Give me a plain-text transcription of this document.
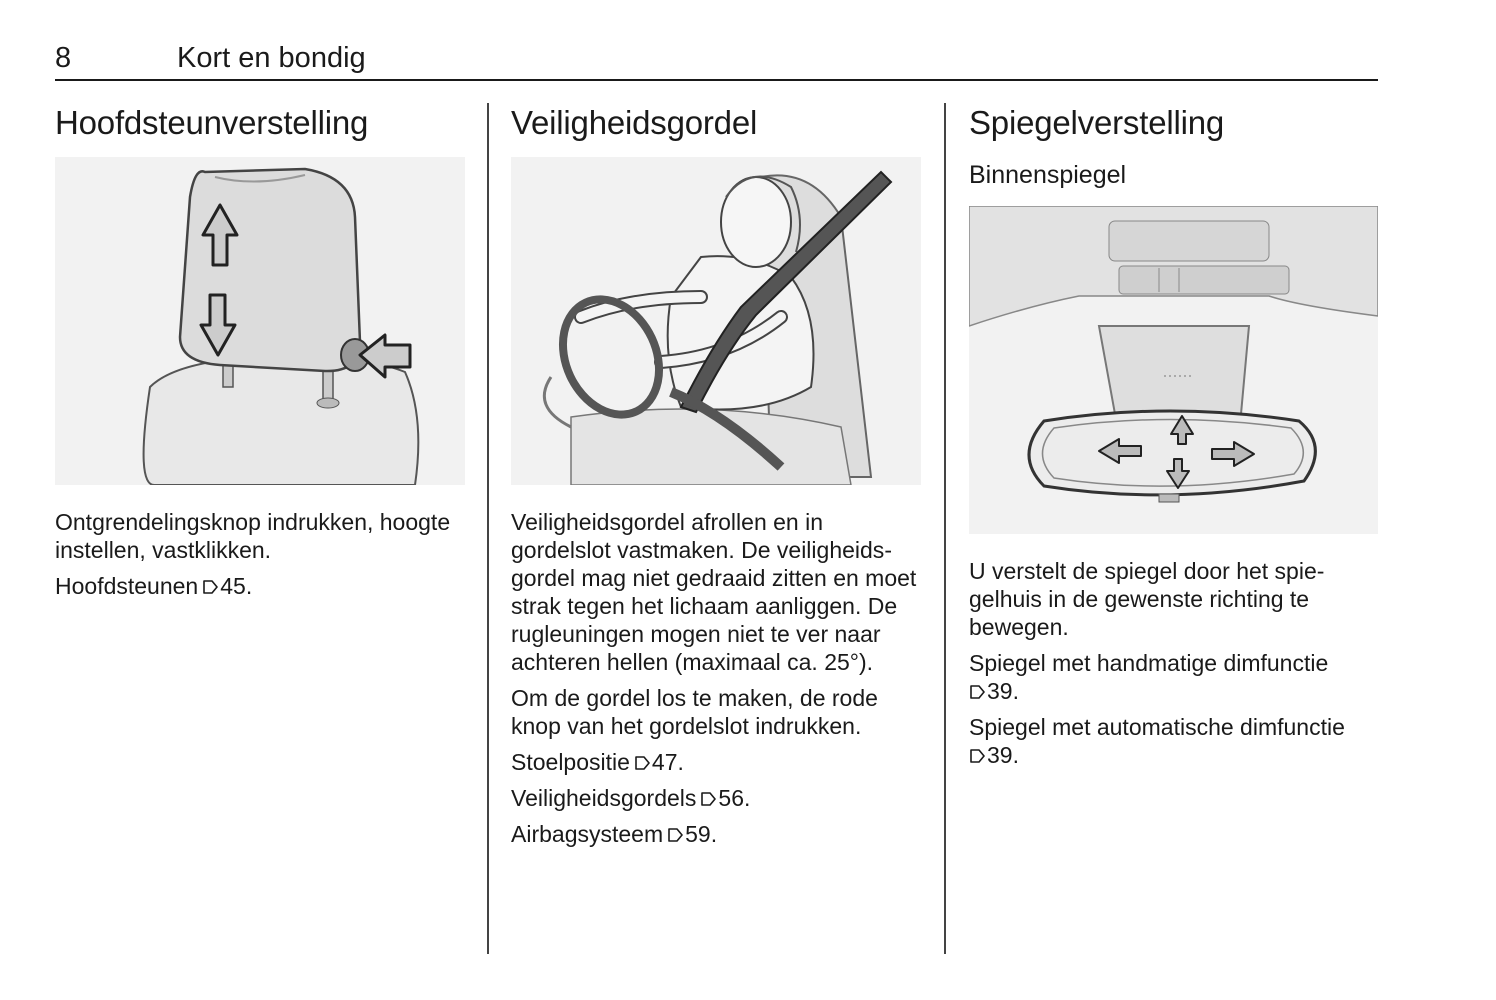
8	Kort en bondig
Hoofdsteunverstelling

Ontgrendelingsknop indrukken, hoogte instellen, vastklikken.

Hoofdsteunen 45.

Veiligheidsgordel

Veiligheidsgordel afrollen en in gordelslot vastmaken. De veiligheidsgordel mag niet gedraaid zitten en moet strak tegen het lichaam aanliggen. De rugleuningen mogen niet te ver naar achteren hellen (maximaal ca. 25°).

Om de gordel los te maken, de rode knop van het gordelslot indrukken.

Stoelpositie 47.

Veiligheidsgordels 56.

Airbagsysteem 59.

Spiegelverstelling
Binnenspiegel

U verstelt de spiegel door het spiegelhuis in de gewenste richting te bewegen.

Spiegel met handmatige dimfunctie
39.

Spiegel met automatische dimfunctie
39.
